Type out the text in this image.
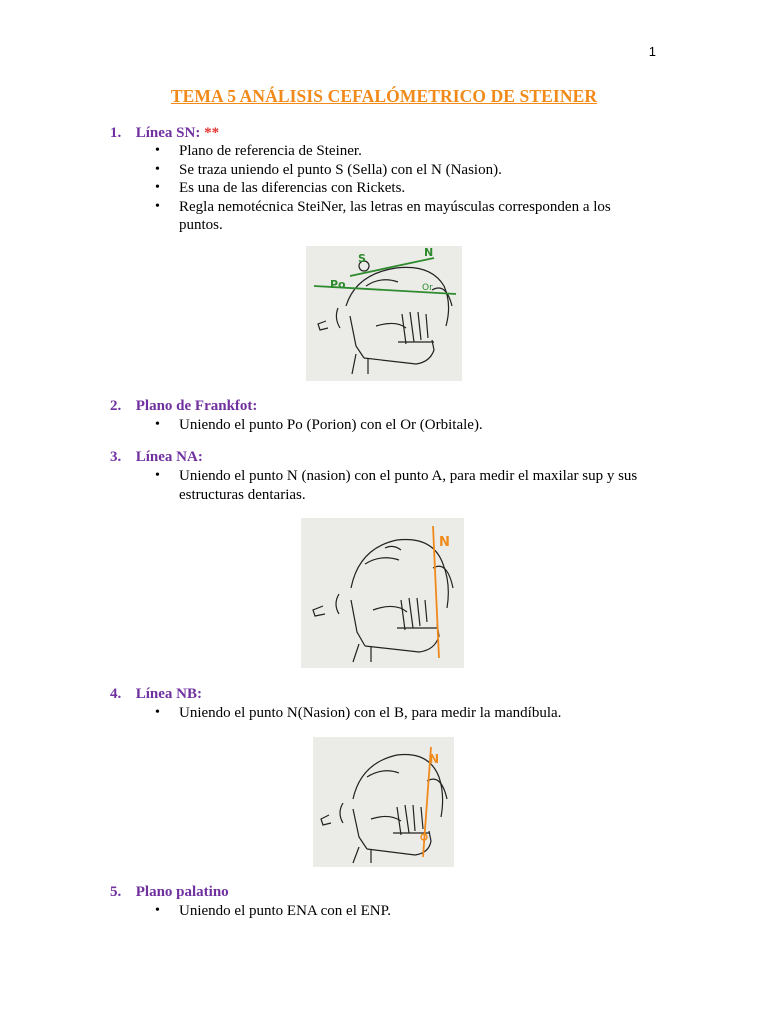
1
TEMA 5 ANÁLISIS CEFALÓMETRICO DE STEINER
1. Línea SN: **
• Plano de referencia de Steiner.
• Se traza uniendo el punto S (Sella) con el N (Nasion).
• Es una de las diferencias con Rickets.
• Regla nemotécnica SteiNer, las letras en mayúsculas corresponden a los puntos.
S	N
Po	Or
2. Plano de Frankfot:
• Uniendo el punto Po (Porion) con el Or (Orbitale).
3. Línea NA:
• Uniendo el punto N (nasion) con el punto A, para medir el maxilar sup y sus estructuras dentarias.
N
4. Línea NB:
• Uniendo el punto N(Nasion) con el B, para medir la mandíbula.
N
5. Plano palatino
• Uniendo el punto ENA con el ENP.
